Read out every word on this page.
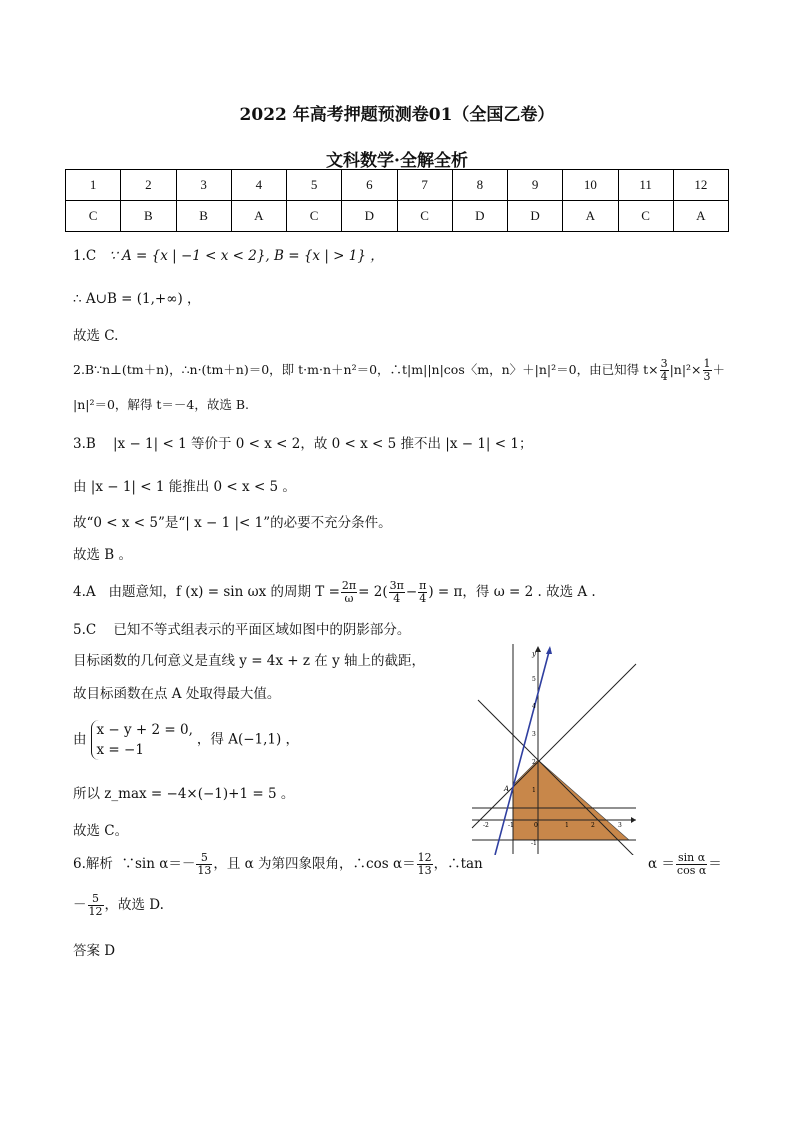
2022 年高考押题预测卷01（全国乙卷）
文科数学·全解全析
1	2	3	4	5	6	7	8	9	10	11	12
C	B	B	A	C	D	C	D	D	A	C	A
1.C ∵ A = {x | −1 < x < 2}, B = {x | > 1} ，
∴ A∪B = (1,+∞) ，
故选 C.
2.B∵n⊥(tm＋n)，∴n·(tm＋n)＝0，即 t·m·n＋n²＝0，∴t|m||n|cos〈m，n〉＋|n|²＝0，由已知得 $t\times \frac{3}{4} |n|^2\times \frac{1}{3}$ ＋
|n|²＝0，解得 t＝－4，故选 B.
3.B |x − 1| < 1 等价于 0 < x < 2，故 0 < x < 5 推不出 |x − 1| < 1；
由 |x − 1| < 1 能推出 0 < x < 5 。
故“0 < x < 5”是“| x − 1 |< 1”的必要不充分条件。
故选 B 。
4.A 由题意知，f (x) = sin ωx 的周期 $T = \frac{2\pi}{\omega} = 2( \frac{3\pi}{4} - \frac{\pi}{4}$ ) = π，得 ω = 2 . 故选 A .
5.C 已知不等式组表示的平面区域如图中的阴影部分。
目标函数的几何意义是直线 y = 4x + z 在 y 轴上的截距，
故目标函数在点 A 处取得最大值。
由
x − y + 2 = 0,
x = −1
，得 A(−1,1) ，
所以 z_max = −4×(−1)+1 = 5 。
故选 C。
y
A
-2	-1	0	1	2	3
-1
1
2
3
4
5
6.解析 ∵sin $\alpha=- \frac{5}{13}$ ，且 α 为第四象限角，∴cos $\alpha= \frac{12}{13}$ ，∴tan	$\alpha = \frac{\text{sin α}}{\text{cos α}}$ ＝
－ $\frac{5}{12}$ ，故选 D.
答案 D
